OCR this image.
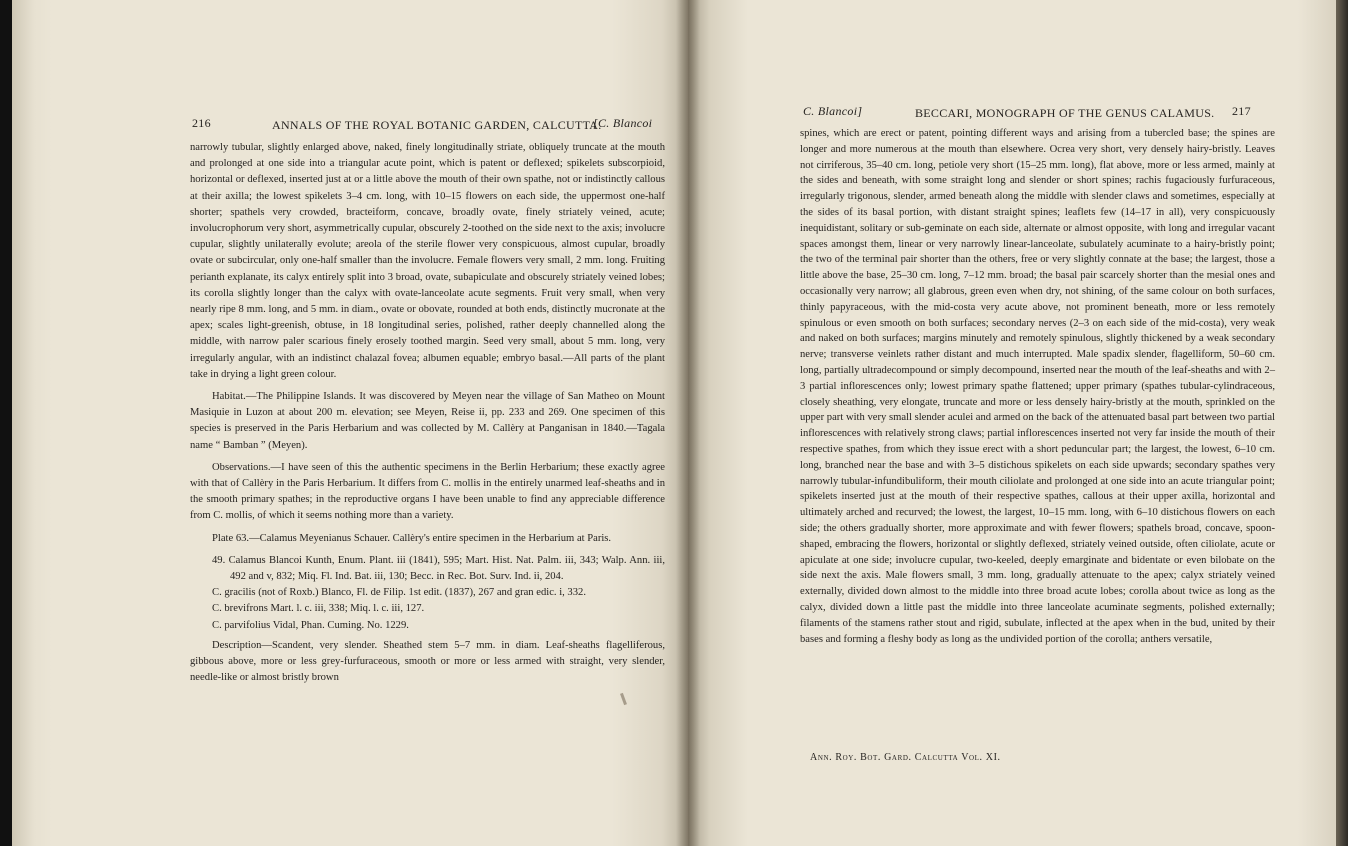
216	ANNALS OF THE ROYAL BOTANIC GARDEN, CALCUTTA.
[C. Blancoi

narrowly tubular, slightly enlarged above, naked, finely longitudinally striate, obliquely truncate at the mouth and prolonged at one side into a triangular acute point, which is patent or deflexed; spikelets subscorpioid, horizontal or deflexed, inserted just at or a little above the mouth of their own spathe, not or indistinctly callous at their axilla; the lowest spikelets 3–4 cm. long, with 10–15 flowers on each side, the uppermost one-half shorter; spathels very crowded, bracteiform, concave, broadly ovate, finely striately veined, acute; involucrophorum very short, asymmetrically cupular, obscurely 2-toothed on the side next to the axis; involucre cupular, slightly unilaterally evolute; areola of the sterile flower very conspicuous, almost cupular, broadly ovate or subcircular, only one-half smaller than the involucre. Female flowers very small, 2 mm. long. Fruiting perianth explanate, its calyx entirely split into 3 broad, ovate, subapiculate and obscurely striately veined lobes; its corolla slightly longer than the calyx with ovate-lanceolate acute segments. Fruit very small, when very nearly ripe 8 mm. long, and 5 mm. in diam., ovate or obovate, rounded at both ends, distinctly mucronate at the apex; scales light-greenish, obtuse, in 18 longitudinal series, polished, rather deeply channelled along the middle, with narrow paler scarious finely erosely toothed margin. Seed very small, about 5 mm. long, very irregularly angular, with an indistinct chalazal fovea; albumen equable; embryo basal.—All parts of the plant take in drying a light green colour.

Habitat.—The Philippine Islands. It was discovered by Meyen near the village of San Matheo on Mount Masiquie in Luzon at about 200 m. elevation; see Meyen, Reise ii, pp. 233 and 269. One specimen of this species is preserved in the Paris Herbarium and was collected by M. Callèry at Panganisan in 1840.—Tagala name “ Bamban ” (Meyen).

Observations.—I have seen of this the authentic specimens in the Berlin Herbarium; these exactly agree with that of Callèry in the Paris Herbarium. It differs from C. mollis in the entirely unarmed leaf-sheaths and in the smooth primary spathes; in the reproductive organs I have been unable to find any appreciable difference from C. mollis, of which it seems nothing more than a variety.

Plate 63.—Calamus Meyenianus Schauer. Callèry's entire specimen in the Herbarium at Paris.

49. Calamus Blancoi Kunth, Enum. Plant. iii (1841), 595; Mart. Hist. Nat. Palm. iii, 343; Walp. Ann. iii, 492 and v, 832; Miq. Fl. Ind. Bat. iii, 130; Becc. in Rec. Bot. Surv. Ind. ii, 204.

C. gracilis (not of Roxb.) Blanco, Fl. de Filip. 1st edit. (1837), 267 and gran edic. i, 332.

C. brevifrons Mart. l. c. iii, 338; Miq. l. c. iii, 127.

C. parvifolius Vidal, Phan. Cuming. No. 1229.

Description—Scandent, very slender. Sheathed stem 5–7 mm. in diam. Leaf-sheaths flagelliferous, gibbous above, more or less grey-furfuraceous, smooth or more or less armed with straight, very slender, needle-like or almost bristly brown

C. Blancoi]	BECCARI, MONOGRAPH OF THE GENUS CALAMUS. 217

spines, which are erect or patent, pointing different ways and arising from a tubercled base; the spines are longer and more numerous at the mouth than elsewhere. Ocrea very short, very densely hairy-bristly. Leaves not cirriferous, 35–40 cm. long, petiole very short (15–25 mm. long), flat above, more or less armed, mainly at the sides and beneath, with some straight long and slender or short spines; rachis fugaciously furfuraceous, irregularly trigonous, slender, armed beneath along the middle with slender claws and sometimes, especially at the sides of its basal portion, with distant straight spines; leaflets few (14–17 in all), very conspicuously inequidistant, solitary or sub-geminate on each side, alternate or almost opposite, with long and irregular vacant spaces amongst them, linear or very narrowly linear-lanceolate, subulately acuminate to a hairy-bristly point; the two of the terminal pair shorter than the others, free or very slightly connate at the base; the largest, those a little above the base, 25–30 cm. long, 7–12 mm. broad; the basal pair scarcely shorter than the mesial ones and occasionally very narrow; all glabrous, green even when dry, not shining, of the same colour on both surfaces, thinly papyraceous, with the mid-costa very acute above, not prominent beneath, more or less remotely spinulous or even smooth on both surfaces; secondary nerves (2–3 on each side of the mid-costa), very weak and naked on both surfaces; margins minutely and remotely spinulous, slightly thickened by a weak secondary nerve; transverse veinlets rather distant and much interrupted. Male spadix slender, flagelliform, 50–60 cm. long, partially ultradecompound or simply decompound, inserted near the mouth of the leaf-sheaths and with 2–3 partial inflorescences only; lowest primary spathe flattened; upper primary (spathes tubular-cylindraceous, closely sheathing, very elongate, truncate and more or less densely hairy-bristly at the mouth, sprinkled on the upper part with very small slender aculei and armed on the back of the attenuated basal part between two partial inflorescences with relatively strong claws; partial inflorescences inserted not very far inside the mouth of their respective spathes, from which they issue erect with a short peduncular part; the largest, the lowest, 6–10 cm. long, branched near the base and with 3–5 distichous spikelets on each side upwards; secondary spathes very narrowly tubular-infundibuliform, their mouth ciliolate and prolonged at one side into an acute triangular point; spikelets inserted just at the mouth of their respective spathes, callous at their upper axilla, horizontal and ultimately arched and recurved; the lowest, the largest, 10–15 mm. long, with 6–10 distichous flowers on each side; the others gradually shorter, more approximate and with fewer flowers; spathels broad, concave, spoon-shaped, embracing the flowers, horizontal or slightly deflexed, striately veined outside, often ciliolate, acute or apiculate at one side; involucre cupular, two-keeled, deeply emarginate and bidentate or even bilobate on the side next the axis. Male flowers small, 3 mm. long, gradually attenuate to the apex; calyx striately veined externally, divided down almost to the middle into three broad acute lobes; corolla about twice as long as the calyx, divided down a little past the middle into three lanceolate acuminate segments, polished externally; filaments of the stamens rather stout and rigid, subulate, inflected at the apex when in the bud, united by their bases and forming a fleshy body as long as the undivided portion of the corolla; anthers versatile,

Ann. Roy. Bot. Gard. Calcutta Vol. XI.
